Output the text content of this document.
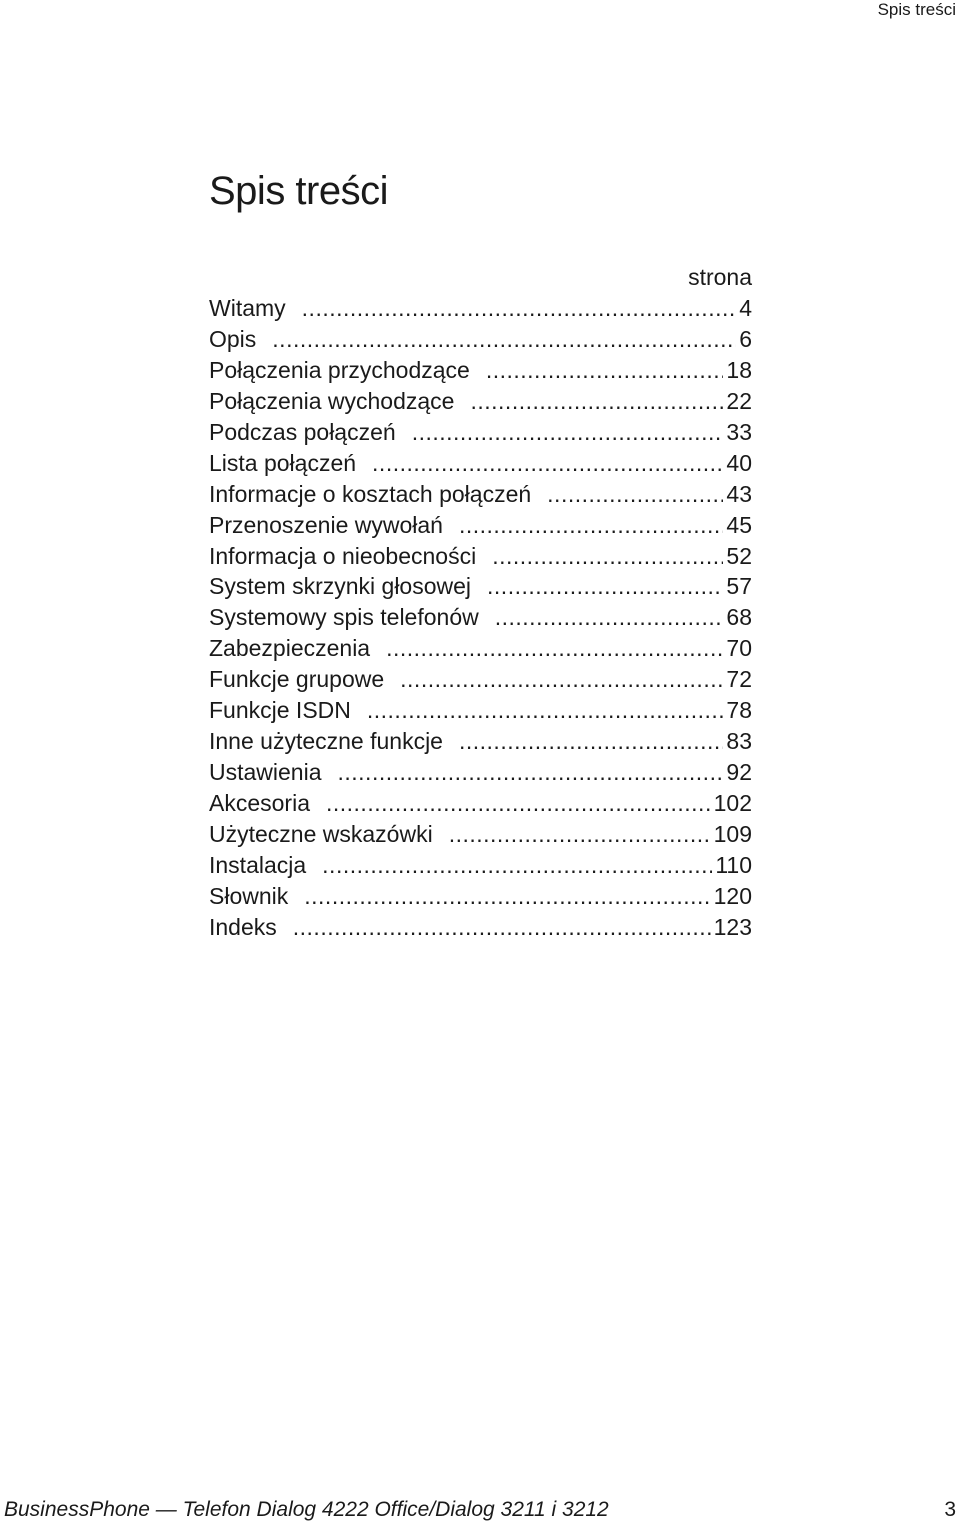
Spis treści
Spis treści
strona
Witamy .....	4
Opis .....	6
Połączenia przychodzące .....	18
Połączenia wychodzące .....	22
Podczas połączeń .....	33
Lista połączeń .....	40
Informacje o kosztach połączeń .....	43
Przenoszenie wywołań .....	45
Informacja o nieobecności .....	52
System skrzynki głosowej .....	57
Systemowy spis telefonów .....	68
Zabezpieczenia .....	70
Funkcje grupowe .....	72
Funkcje ISDN .....	78
Inne użyteczne funkcje .....	83
Ustawienia .....	92
Akcesoria .....	102
Użyteczne wskazówki .....	109
Instalacja .....	110
Słownik .....	120
Indeks .....	123
BusinessPhone — Telefon Dialog 4222 Office/Dialog 3211 i 3212	3
